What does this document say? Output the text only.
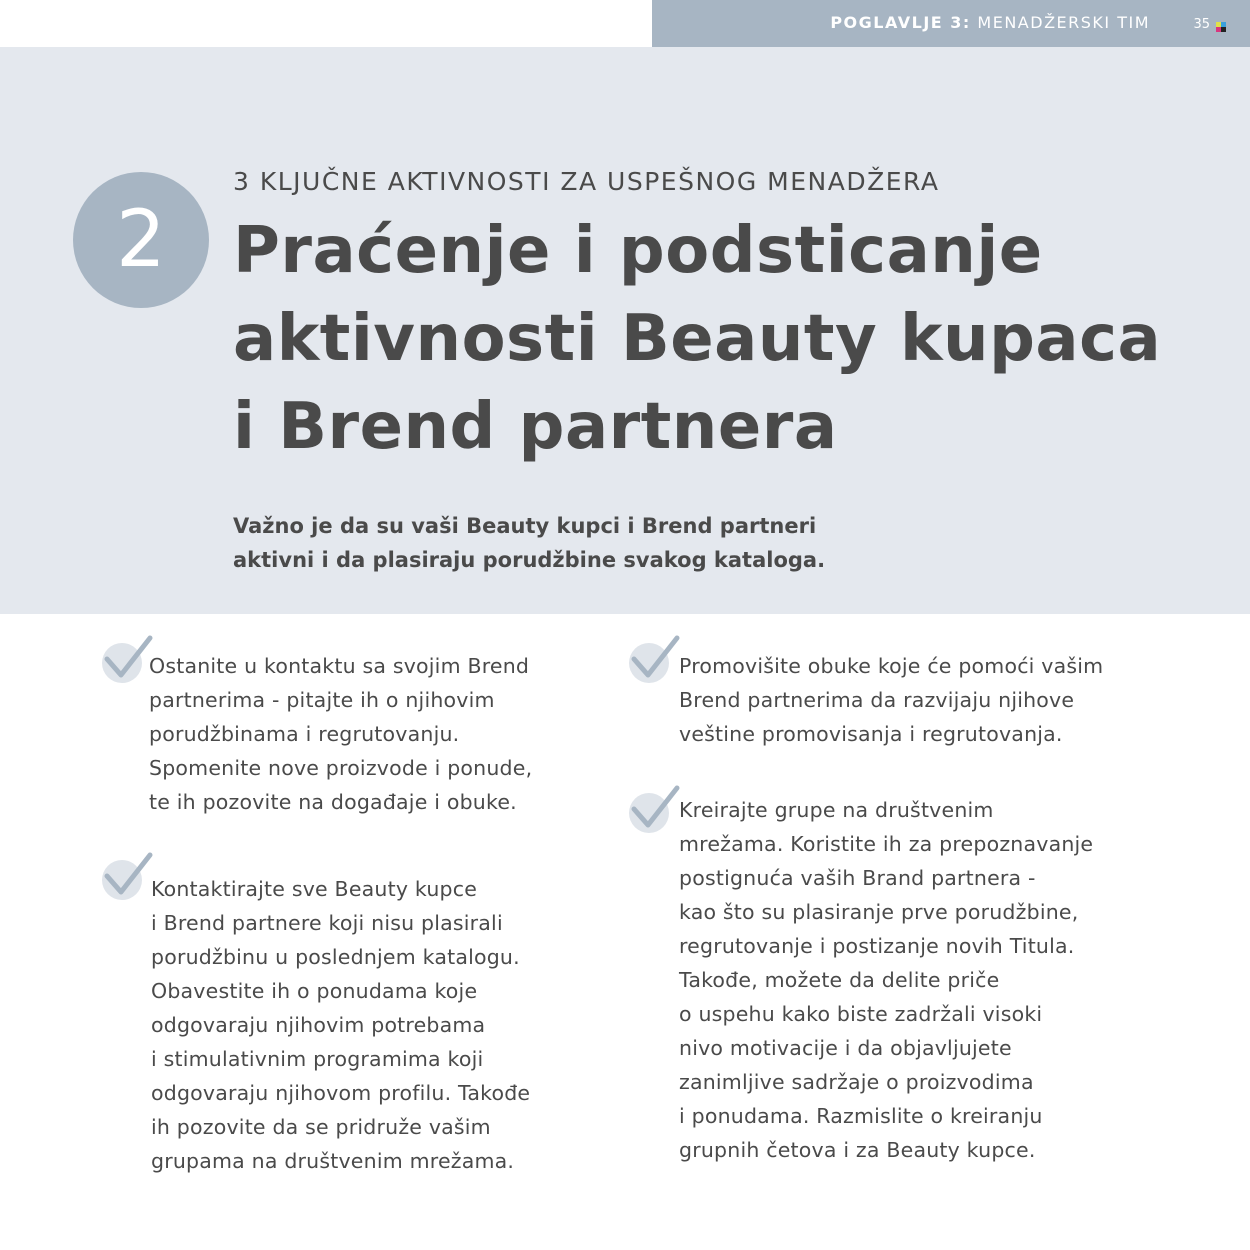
POGLAVLJE 3: MENADŽERSKI TIM	35
2
3 KLJUČNE AKTIVNOSTI ZA USPEŠNOG MENADŽERA
Praćenje i podsticanje
aktivnosti Beauty kupaca
i Brend partnera

Važno je da su vaši Beauty kupci i Brend partneri
aktivni i da plasiraju porudžbine svakog kataloga.

Ostanite u kontaktu sa svojim Brend
partnerima - pitajte ih o njihovim
porudžbinama i regrutovanju.
Spomenite nove proizvode i ponude,
te ih pozovite na događaje i obuke.

Kontaktirajte sve Beauty kupce
i Brend partnere koji nisu plasirali
porudžbinu u poslednjem katalogu.
Obavestite ih o ponudama koje
odgovaraju njihovim potrebama
i stimulativnim programima koji
odgovaraju njihovom profilu. Takođe
ih pozovite da se pridruže vašim
grupama na društvenim mrežama.

Promovišite obuke koje će pomoći vašim
Brend partnerima da razvijaju njihove
veštine promovisanja i regrutovanja.

Kreirajte grupe na društvenim
mrežama. Koristite ih za prepoznavanje
postignuća vaših Brand partnera -
kao što su plasiranje prve porudžbine,
regrutovanje i postizanje novih Titula.
Takođe, možete da delite priče
o uspehu kako biste zadržali visoki
nivo motivacije i da objavljujete
zanimljive sadržaje o proizvodima
i ponudama. Razmislite o kreiranju
grupnih četova i za Beauty kupce.
